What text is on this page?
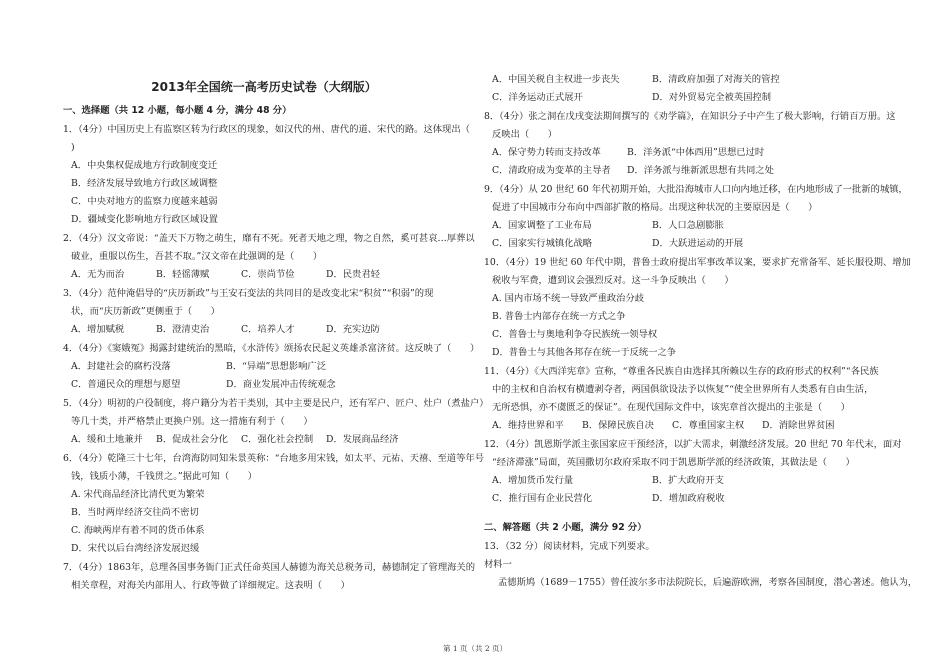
2013年全国统一高考历史试卷（大纲版）
一、选择题（共 12 小题，每小题 4 分，满分 48 分）
1．（4分）中国历史上有监察区转为行政区的现象，如汉代的州、唐代的道、宋代的路。这体现出（
)
A．中央集权促成地方行政制度变迁
B．经济发展导致地方行政区域调整
C．中央对地方的监察力度越来越弱
D．疆域变化影响地方行政区域设置
2．（4分）汉文帝说：“盖天下万物之萌生，靡有不死。死者天地之理，物之自然，奚可甚哀…厚葬以
破业，重服以伤生，吾甚不取。”汉文帝在此强调的是（　　）
A．无为而治	B．轻徭薄赋	C．崇尚节俭	D．民贵君轻
3．（4分）范仲淹倡导的“庆历新政”与王安石变法的共同目的是改变北宋“积贫”“积弱”的现
状，而“庆历新政”更侧重于（　　）
A．增加赋税	B．澄清吏治	C．培养人才	D．充实边防
4．（4分）《窦娥冤》揭露封建统治的黑暗，《水浒传》颂扬农民起义英雄杀富济贫。这反映了（　　）
A．封建社会的腐朽没落	B．“异端”思想影响广泛
C．普通民众的理想与愿望	D．商业发展冲击传统观念
5．（4分）明初的户役制度，将户籍分为若干类别，其中主要是民户，还有军户、匠户、灶户（煮盐户）
等几十类，并严格禁止更换户别。这一措施有利于（　　）
A．缓和土地兼并 B．促成社会分化 C．强化社会控制 D．发展商品经济
6．（4分）乾隆三十七年，台湾海防同知朱景英称：“台地多用宋钱，如太平、元祐、天禧、至道等年号
钱，钱质小薄，千钱贯之。”据此可知（　　）
A. 宋代商品经济比清代更为繁荣
B．当时两岸经济交往尚不密切
C. 海峡两岸有着不同的货币体系
D．宋代以后台湾经济发展迟缓
7．（4分）1863年，总理各国事务衙门正式任命英国人赫德为海关总税务司，赫德制定了管理海关的
相关章程，对海关内部用人、行政等做了详细规定。这表明（　　）
A．中国关税自主权进一步丧失	B．清政府加强了对海关的管控
C．洋务运动正式展开	D．对外贸易完全被英国控制
8．（4分）张之洞在戊戌变法期间撰写的《劝学篇》，在知识分子中产生了极大影响，行销百万册。这
反映出（　　）
A．保守势力转而支持改革	B．洋务派“中体西用”思想已过时
C．清政府成为变革的主导者 D．洋务派与维新派思想有共同之处
9．（4分）从 20 世纪 60 年代初期开始，大批沿海城市人口向内地迁移，在内地形成了一批新的城镇，
促进了中国城市分布向中西部扩散的格局。出现这种状况的主要原因是（　　）
A．国家调整了工业布局	B．人口急剧膨胀
C．国家实行城镇化战略	D．大跃进运动的开展
10．（4分）19 世纪 60 年代中期，普鲁士政府提出军事改革议案，要求扩充常备军、延长服役期、增加
税收与军费，遭到议会强烈反对。这一斗争反映出（　　）
A. 国内市场不统一导致严重政治分歧
B. 普鲁士内部存在统一方式之争
C．普鲁士与奥地利争夺民族统一领导权
D．普鲁士与其他各邦存在统一于反统一之争
11．（4分）《大西洋宪章》宣称，“尊重各民族自由选择其所赖以生存的政府形式的权利”“各民族
中的主权和自治权有横遭剥夺者，两国俱欲设法予以恢复”“使全世界所有人类悉有自由生活，
无所恐惧，亦不虞匮乏的保证”。在现代国际文件中，该宪章首次提出的主张是（　　）
A．维持世界和平 B．保障民族自决 C．尊重国家主权 D．消除世界贫困
12．（4分）凯恩斯学派主张国家应干预经济，以扩大需求，刺激经济发展。20 世纪 70 年代末，面对
“经济滞涨”局面，英国撒切尔政府采取不同于凯恩斯学派的经济政策，其做法是（　　）
A．增加货币发行量	B．扩大政府开支
C．推行国有企业民营化	D．增加政府税收
二、解答题（共 2 小题，满分 92 分）
13．（32 分）阅读材料，完成下列要求。
材料一
孟德斯鸠（1689－1755）曾任波尔多市法院院长，后遍游欧洲，考察各国制度，潜心著述。他认为，
第 1 页（共 2 页）
